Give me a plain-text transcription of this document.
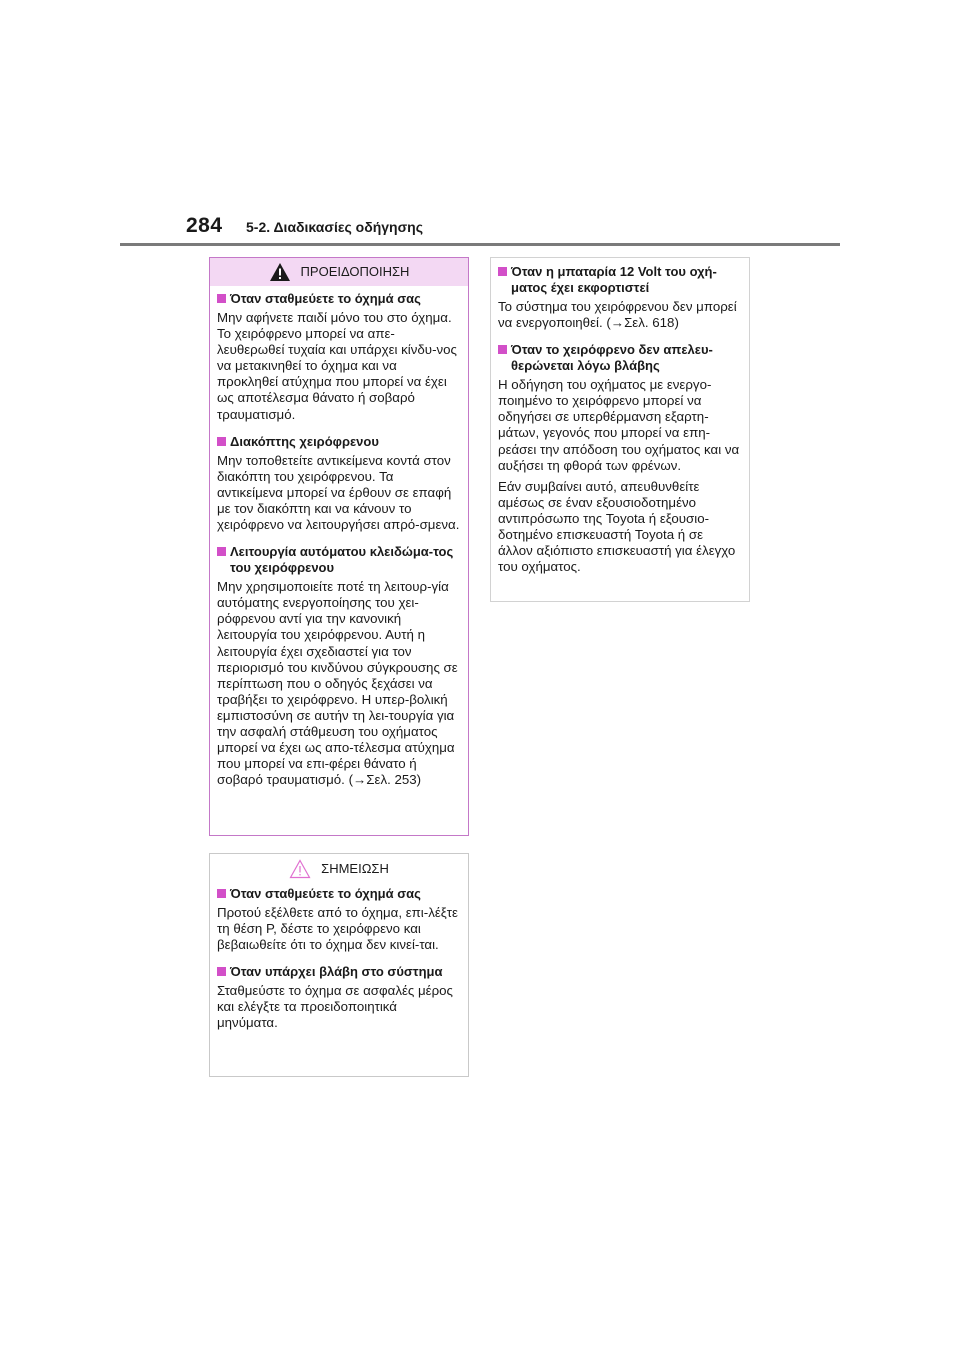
284 5-2. Διαδικασίες οδήγησης
ΠΡΟΕΙΔΟΠΟΙΗΣΗ
Όταν σταθμεύετε το όχημά σας

Μην αφήνετε παιδί μόνο του στο όχημα. Το χειρόφρενο μπορεί να απε-λευθερωθεί τυχαία και υπάρχει κίνδυ-νος να μετακινηθεί το όχημα και να προκληθεί ατύχημα που μπορεί να έχει ως αποτέλεσμα θάνατο ή σοβαρό τραυματισμό.

Διακόπτης χειρόφρενου

Μην τοποθετείτε αντικείμενα κοντά στον διακόπτη του χειρόφρενου. Τα αντικείμενα μπορεί να έρθουν σε επαφή με τον διακόπτη και να κάνουν το χειρόφρενο να λειτουργήσει απρό-σμενα.

Λειτουργία αυτόματου κλειδώμα-τος του χειρόφρενου

Μην χρησιμοποιείτε ποτέ τη λειτουρ-γία αυτόματης ενεργοποίησης του χει-ρόφρενου αντί για την κανονική λειτουργία του χειρόφρενου. Αυτή η λειτουργία έχει σχεδιαστεί για τον περιορισμό του κινδύνου σύγκρουσης σε περίπτωση που ο οδηγός ξεχάσει να τραβήξει το χειρόφρενο. Η υπερ-βολική εμπιστοσύνη σε αυτήν τη λει-τουργία για την ασφαλή στάθμευση του οχήματος μπορεί να έχει ως απο-τέλεσμα ατύχημα που μπορεί να επι-φέρει θάνατο ή σοβαρό τραυματισμό. (→Σελ. 253)

ΣΗΜΕΙΩΣΗ
Όταν σταθμεύετε το όχημά σας

Προτού εξέλθετε από το όχημα, επι-λέξτε τη θέση P, δέστε το χειρόφρενο και βεβαιωθείτε ότι το όχημα δεν κινεί-ται.

Όταν υπάρχει βλάβη στο σύστημα

Σταθμεύστε το όχημα σε ασφαλές μέρος και ελέγξτε τα προειδοποιητικά μηνύματα.

Όταν η μπαταρία 12 Volt του οχή-ματος έχει εκφορτιστεί

Το σύστημα του χειρόφρενου δεν μπορεί να ενεργοποιηθεί. (→Σελ. 618)

Όταν το χειρόφρενο δεν απελευ-θερώνεται λόγω βλάβης

Η οδήγηση του οχήματος με ενεργο-ποιημένο το χειρόφρενο μπορεί να οδηγήσει σε υπερθέρμανση εξαρτη-μάτων, γεγονός που μπορεί να επη-ρεάσει την απόδοση του οχήματος και να αυξήσει τη φθορά των φρένων.

Εάν συμβαίνει αυτό, απευθυνθείτε αμέσως σε έναν εξουσιοδοτημένο αντιπρόσωπο της Toyota ή εξουσιο-δοτημένο επισκευαστή Toyota ή σε άλλον αξιόπιστο επισκευαστή για έλεγχο του οχήματος.
